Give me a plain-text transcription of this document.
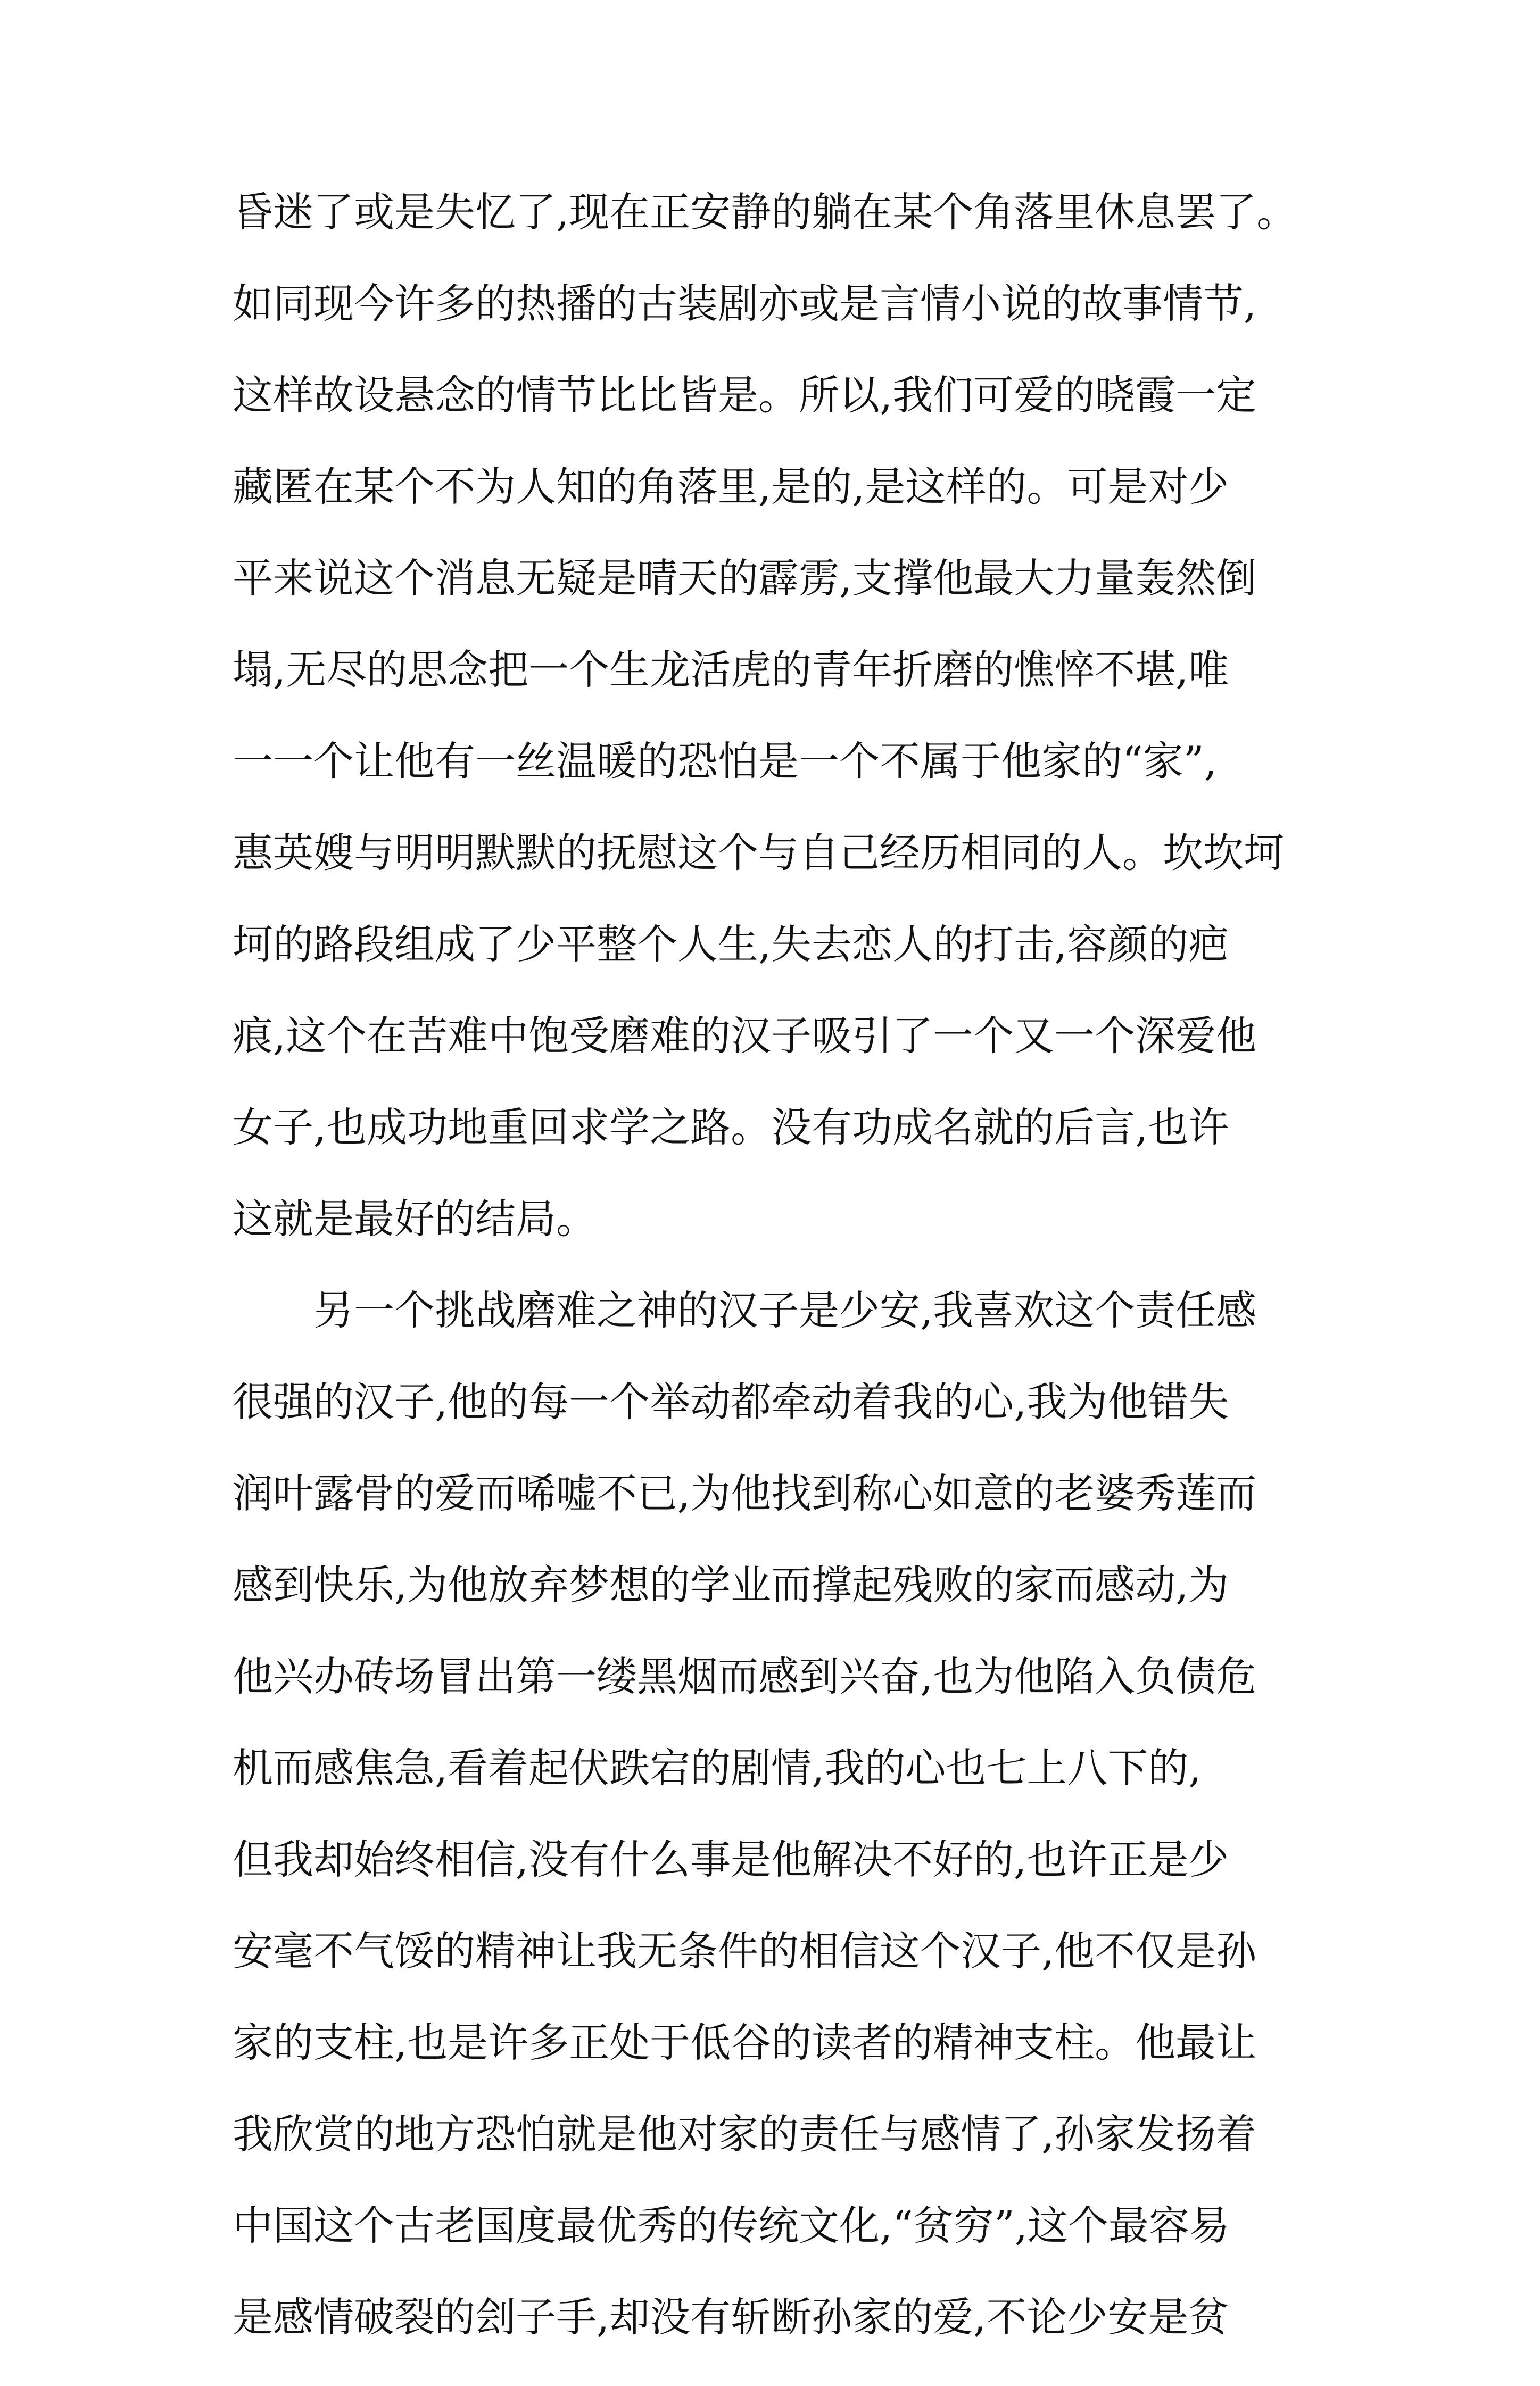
昏迷了或是失忆了,现在正安静的躺在某个角落里休息罢了。
如同现今许多的热播的古装剧亦或是言情小说的故事情节,
这样故设悬念的情节比比皆是。所以,我们可爱的晓霞一定
藏匿在某个不为人知的角落里,是的,是这样的。可是对少
平来说这个消息无疑是晴天的霹雳,支撑他最大力量轰然倒
塌,无尽的思念把一个生龙活虎的青年折磨的憔悴不堪,唯
一一个让他有一丝温暖的恐怕是一个不属于他家的“家”,
惠英嫂与明明默默的抚慰这个与自己经历相同的人。坎坎坷
坷的路段组成了少平整个人生,失去恋人的打击,容颜的疤
痕,这个在苦难中饱受磨难的汉子吸引了一个又一个深爱他
女子,也成功地重回求学之路。没有功成名就的后言,也许
这就是最好的结局。
　　另一个挑战磨难之神的汉子是少安,我喜欢这个责任感
很强的汉子,他的每一个举动都牵动着我的心,我为他错失
润叶露骨的爱而唏嘘不已,为他找到称心如意的老婆秀莲而
感到快乐,为他放弃梦想的学业而撑起残败的家而感动,为
他兴办砖场冒出第一缕黑烟而感到兴奋,也为他陷入负债危
机而感焦急,看着起伏跌宕的剧情,我的心也七上八下的,
但我却始终相信,没有什么事是他解决不好的,也许正是少
安毫不气馁的精神让我无条件的相信这个汉子,他不仅是孙
家的支柱,也是许多正处于低谷的读者的精神支柱。他最让
我欣赏的地方恐怕就是他对家的责任与感情了,孙家发扬着
中国这个古老国度最优秀的传统文化,“贫穷”,这个最容易
是感情破裂的刽子手,却没有斩断孙家的爱,不论少安是贫
